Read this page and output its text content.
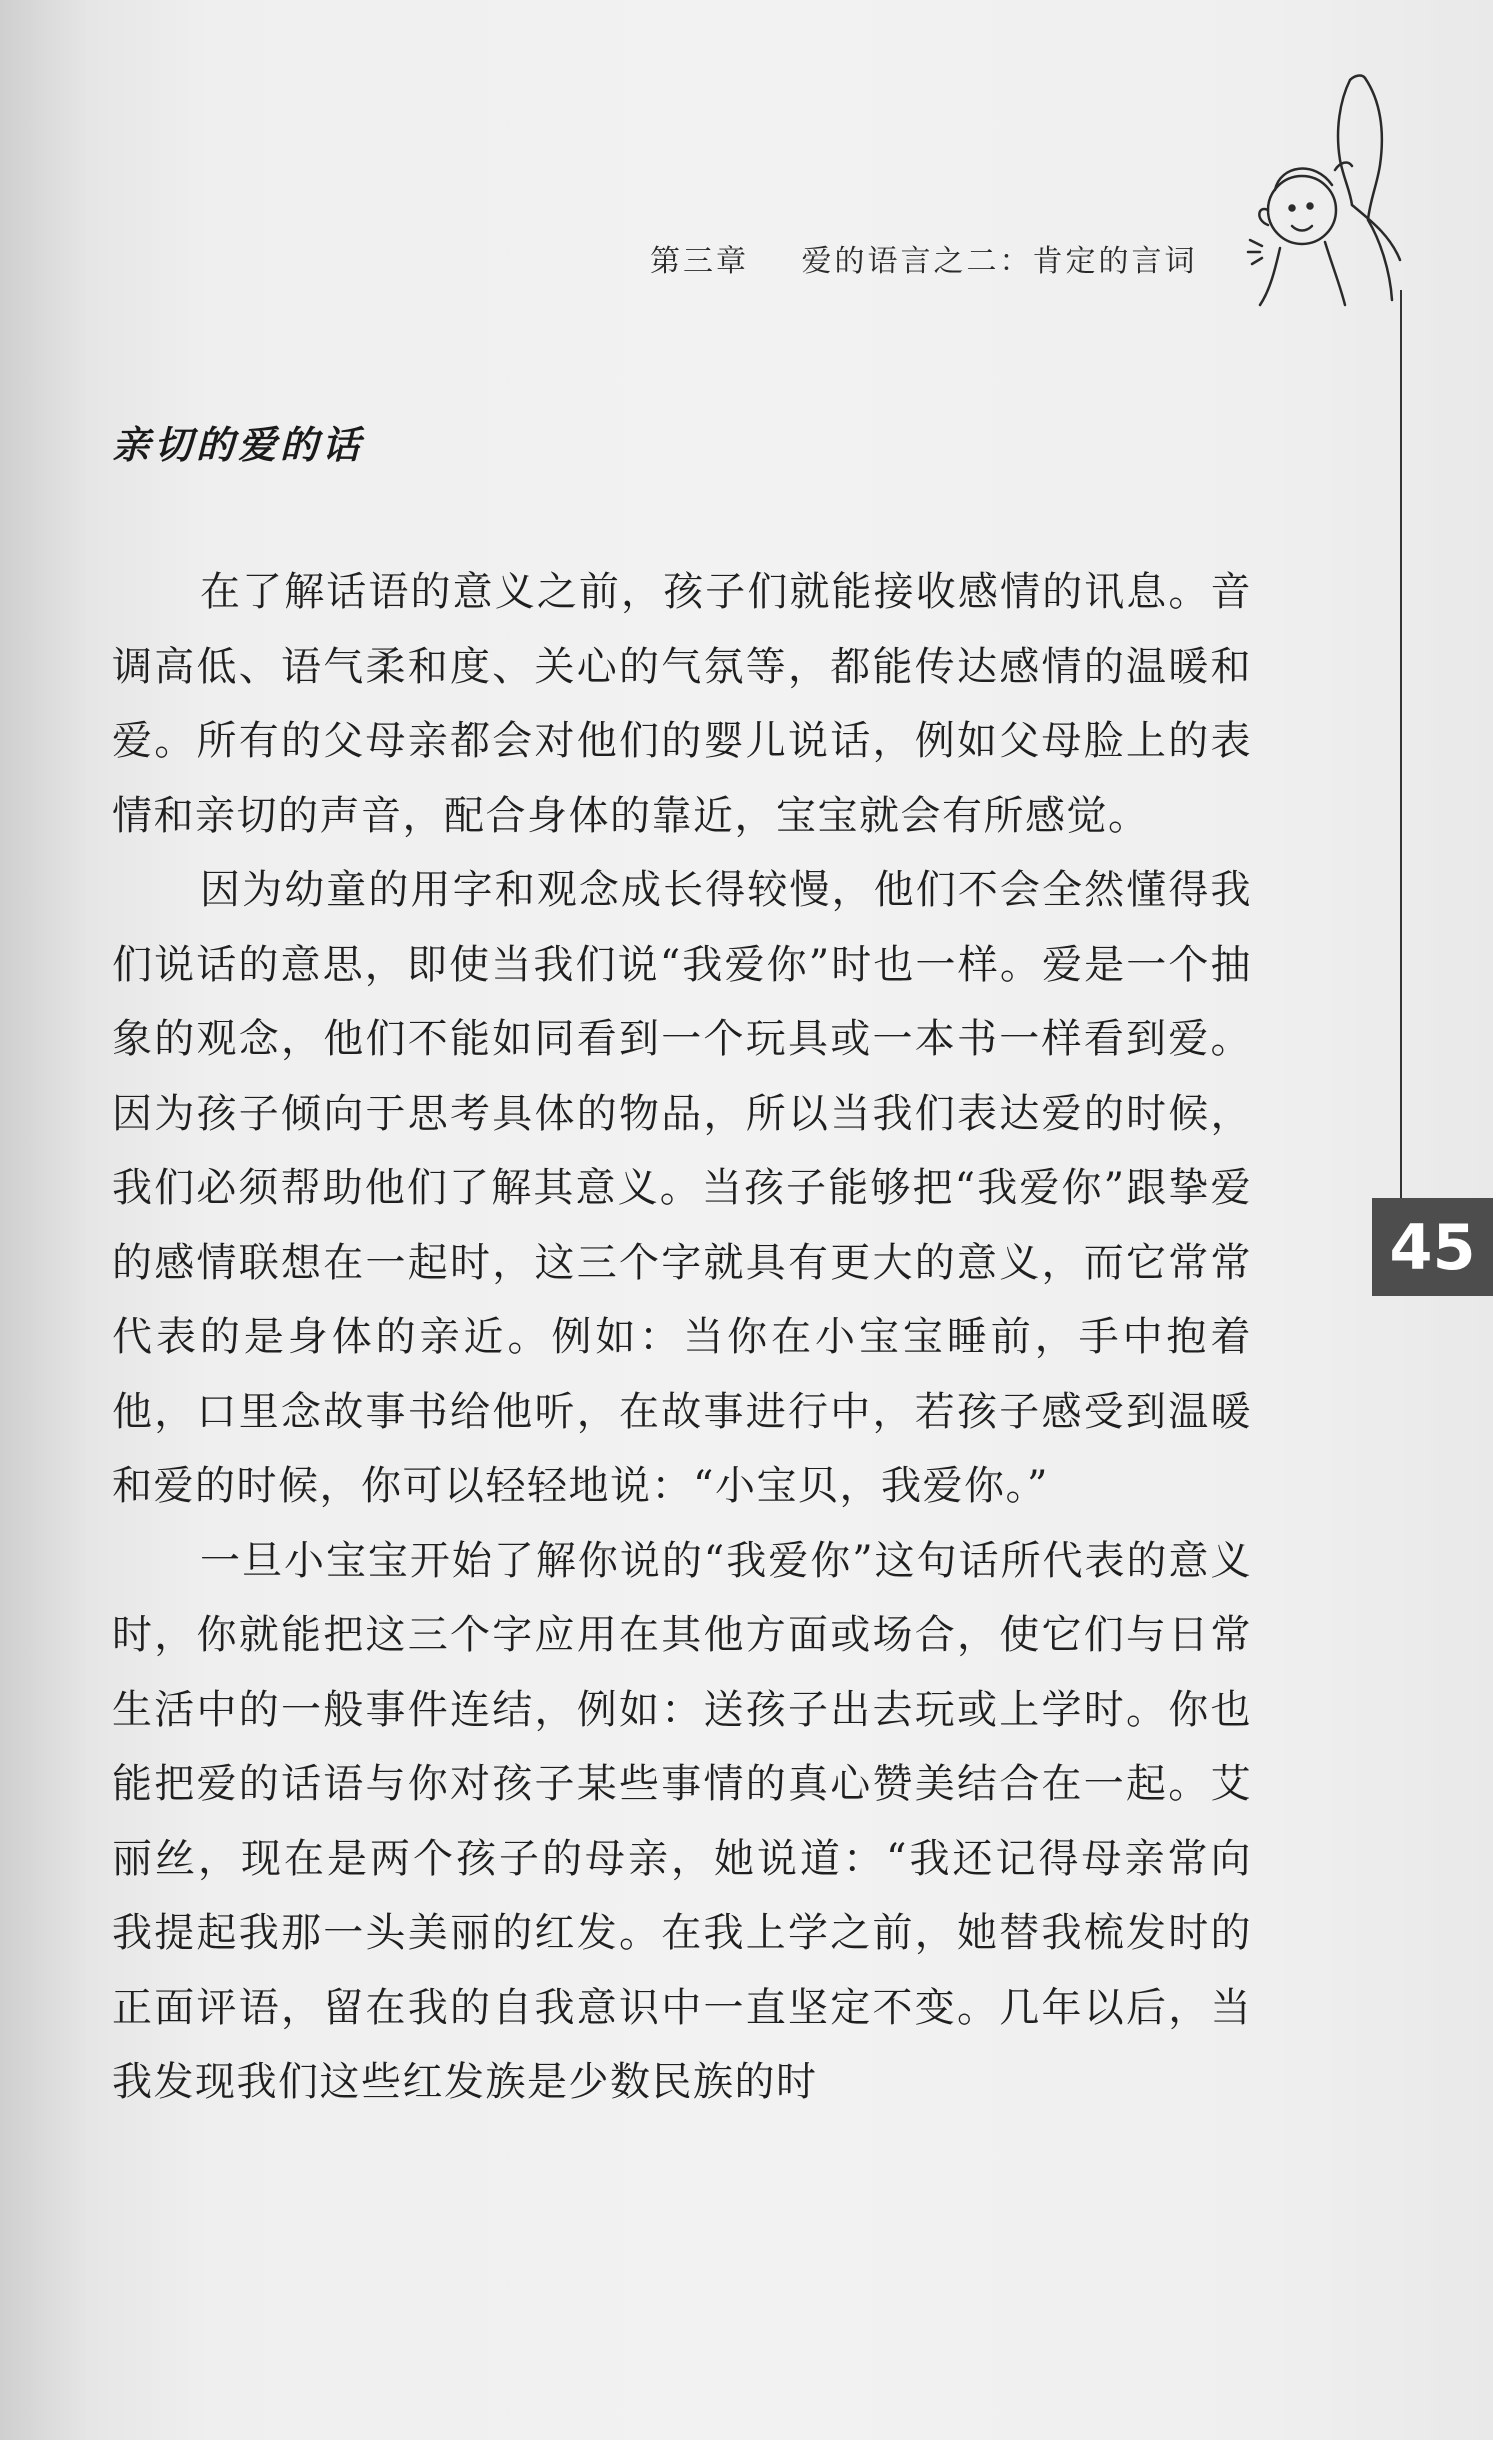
第三章 爱的语言之二：肯定的言词
45
亲切的爱的话

在了解话语的意义之前，孩子们就能接收感情的讯息。音调高低、语气柔和度、关心的气氛等，都能传达感情的温暖和爱。所有的父母亲都会对他们的婴儿说话，例如父母脸上的表情和亲切的声音，配合身体的靠近，宝宝就会有所感觉。

因为幼童的用字和观念成长得较慢，他们不会全然懂得我们说话的意思，即使当我们说“我爱你”时也一样。爱是一个抽象的观念，他们不能如同看到一个玩具或一本书一样看到爱。因为孩子倾向于思考具体的物品，所以当我们表达爱的时候，我们必须帮助他们了解其意义。当孩子能够把“我爱你”跟挚爱的感情联想在一起时，这三个字就具有更大的意义，而它常常代表的是身体的亲近。例如：当你在小宝宝睡前，手中抱着他，口里念故事书给他听，在故事进行中，若孩子感受到温暖和爱的时候，你可以轻轻地说：“小宝贝，我爱你。”

一旦小宝宝开始了解你说的“我爱你”这句话所代表的意义时，你就能把这三个字应用在其他方面或场合，使它们与日常生活中的一般事件连结，例如：送孩子出去玩或上学时。你也能把爱的话语与你对孩子某些事情的真心赞美结合在一起。艾丽丝，现在是两个孩子的母亲，她说道：“我还记得母亲常向我提起我那一头美丽的红发。在我上学之前，她替我梳发时的正面评语，留在我的自我意识中一直坚定不变。几年以后，当我发现我们这些红发族是少数民族的时
